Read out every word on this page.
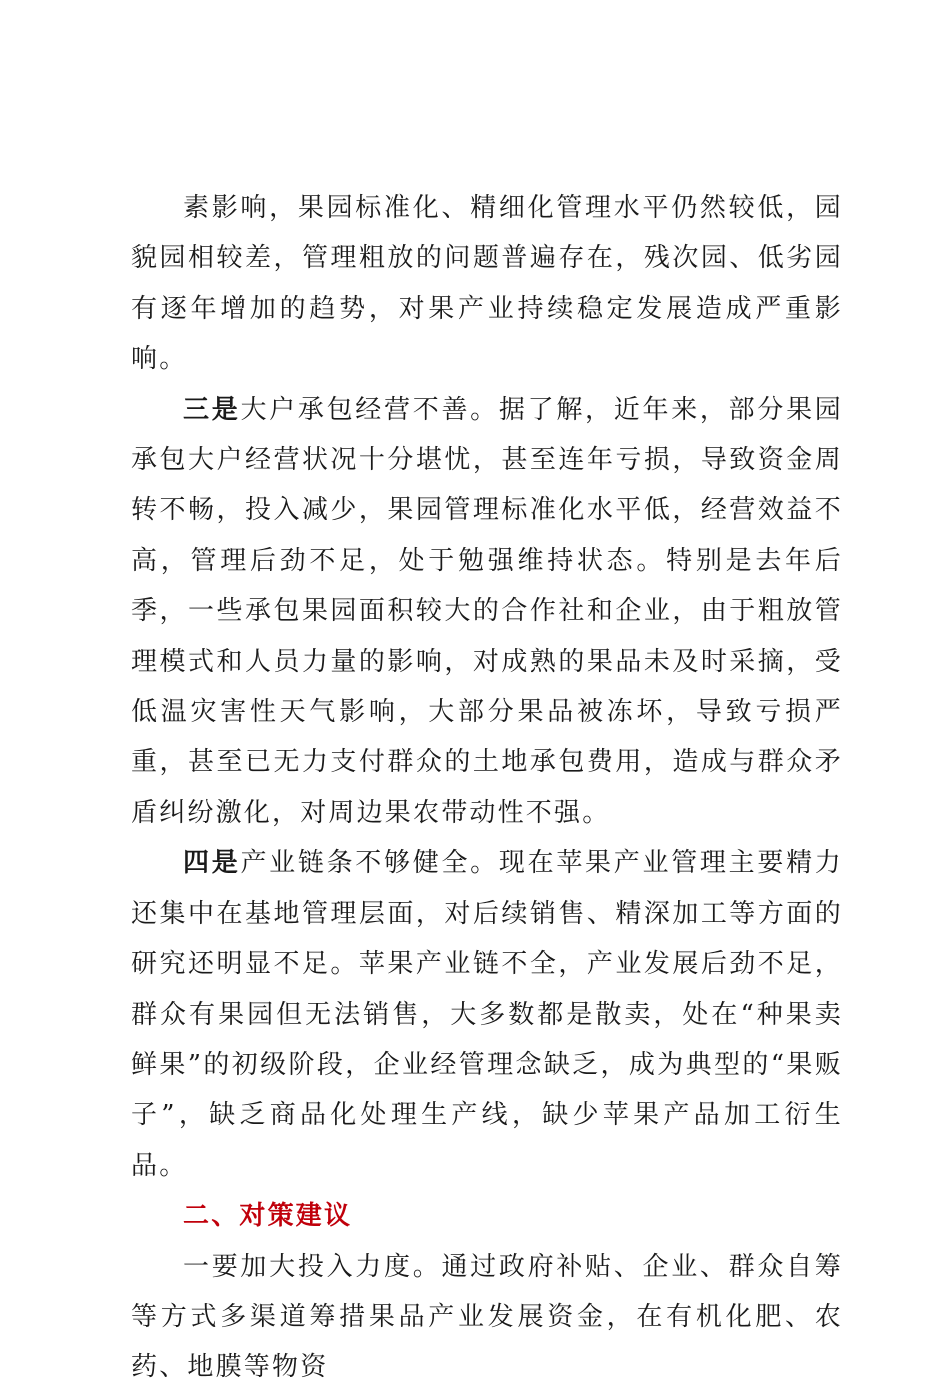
素影响，果园标准化、精细化管理水平仍然较低，园貌园相较差，管理粗放的问题普遍存在，残次园、低劣园有逐年增加的趋势，对果产业持续稳定发展造成严重影响。

三是大户承包经营不善。据了解，近年来，部分果园承包大户经营状况十分堪忧，甚至连年亏损，导致资金周转不畅，投入减少，果园管理标准化水平低，经营效益不高，管理后劲不足，处于勉强维持状态。特别是去年后季，一些承包果园面积较大的合作社和企业，由于粗放管理模式和人员力量的影响，对成熟的果品未及时采摘，受低温灾害性天气影响，大部分果品被冻坏，导致亏损严重，甚至已无力支付群众的土地承包费用，造成与群众矛盾纠纷激化，对周边果农带动性不强。

四是产业链条不够健全。现在苹果产业管理主要精力还集中在基地管理层面，对后续销售、精深加工等方面的研究还明显不足。苹果产业链不全，产业发展后劲不足，群众有果园但无法销售，大多数都是散卖，处在“种果卖鲜果”的初级阶段，企业经管理念缺乏，成为典型的“果贩子”，缺乏商品化处理生产线，缺少苹果产品加工衍生品。

二、对策建议

一要加大投入力度。通过政府补贴、企业、群众自筹等方式多渠道筹措果品产业发展资金，在有机化肥、农药、地膜等物资
